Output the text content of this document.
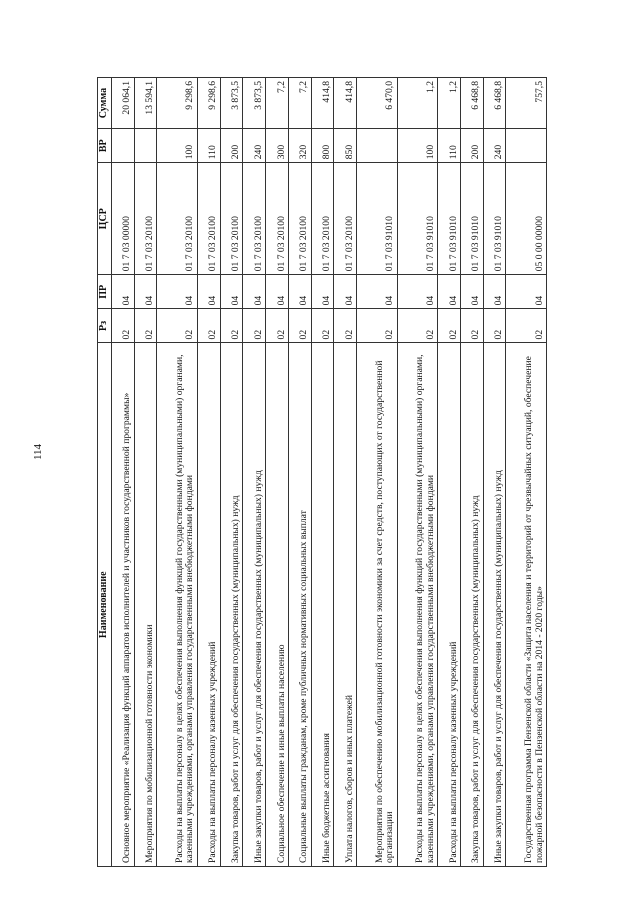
114
Наименование	Рз	ПР	ЦСР	ВР	Сумма
Основное мероприятие «Реализация функций аппаратов исполнителей и участников государственной программы»	02	04	01 7 03 00000		20 064,1
Мероприятия по мобилизационной готовности экономики	02	04	01 7 03 20100		13 594,1
Расходы на выплаты персоналу в целях обеспечения выполнения функций государственными (муниципальными) органами, казенными учреждениями, органами управления государственными внебюджетными фондами	02	04	01 7 03 20100	100	9 298,6
Расходы на выплаты персоналу казенных учреждений	02	04	01 7 03 20100	110	9 298,6
Закупка товаров, работ и услуг для обеспечения государственных (муниципальных) нужд	02	04	01 7 03 20100	200	3 873,5
Иные закупки товаров, работ и услуг для обеспечения государственных (муниципальных) нужд	02	04	01 7 03 20100	240	3 873,5
Социальное обеспечение и иные выплаты населению	02	04	01 7 03 20100	300	7,2
Социальные выплаты гражданам, кроме публичных нормативных социальных выплат	02	04	01 7 03 20100	320	7,2
Иные бюджетные ассигнования	02	04	01 7 03 20100	800	414,8
Уплата налогов, сборов и иных платежей	02	04	01 7 03 20100	850	414,8
Мероприятия по обеспечению мобилизационной готовности экономики за счет средств, поступающих от государственной организации	02	04	01 7 03 91010		6 470,0
Расходы на выплаты персоналу в целях обеспечения выполнения функций государственными (муниципальными) органами, казенными учреждениями, органами управления государственными внебюджетными фондами	02	04	01 7 03 91010	100	1,2
Расходы на выплаты персоналу казенных учреждений	02	04	01 7 03 91010	110	1,2
Закупка товаров, работ и услуг для обеспечения государственных (муниципальных) нужд	02	04	01 7 03 91010	200	6 468,8
Иные закупки товаров, работ и услуг для обеспечения государственных (муниципальных) нужд	02	04	01 7 03 91010	240	6 468,8
Государственная программа Пензенской области «Защита населения и территорий от чрезвычайных ситуаций, обеспечение пожарной безопасности в Пензенской области на 2014 - 2020 годы»	02	04	05 0 00 00000		757,5
